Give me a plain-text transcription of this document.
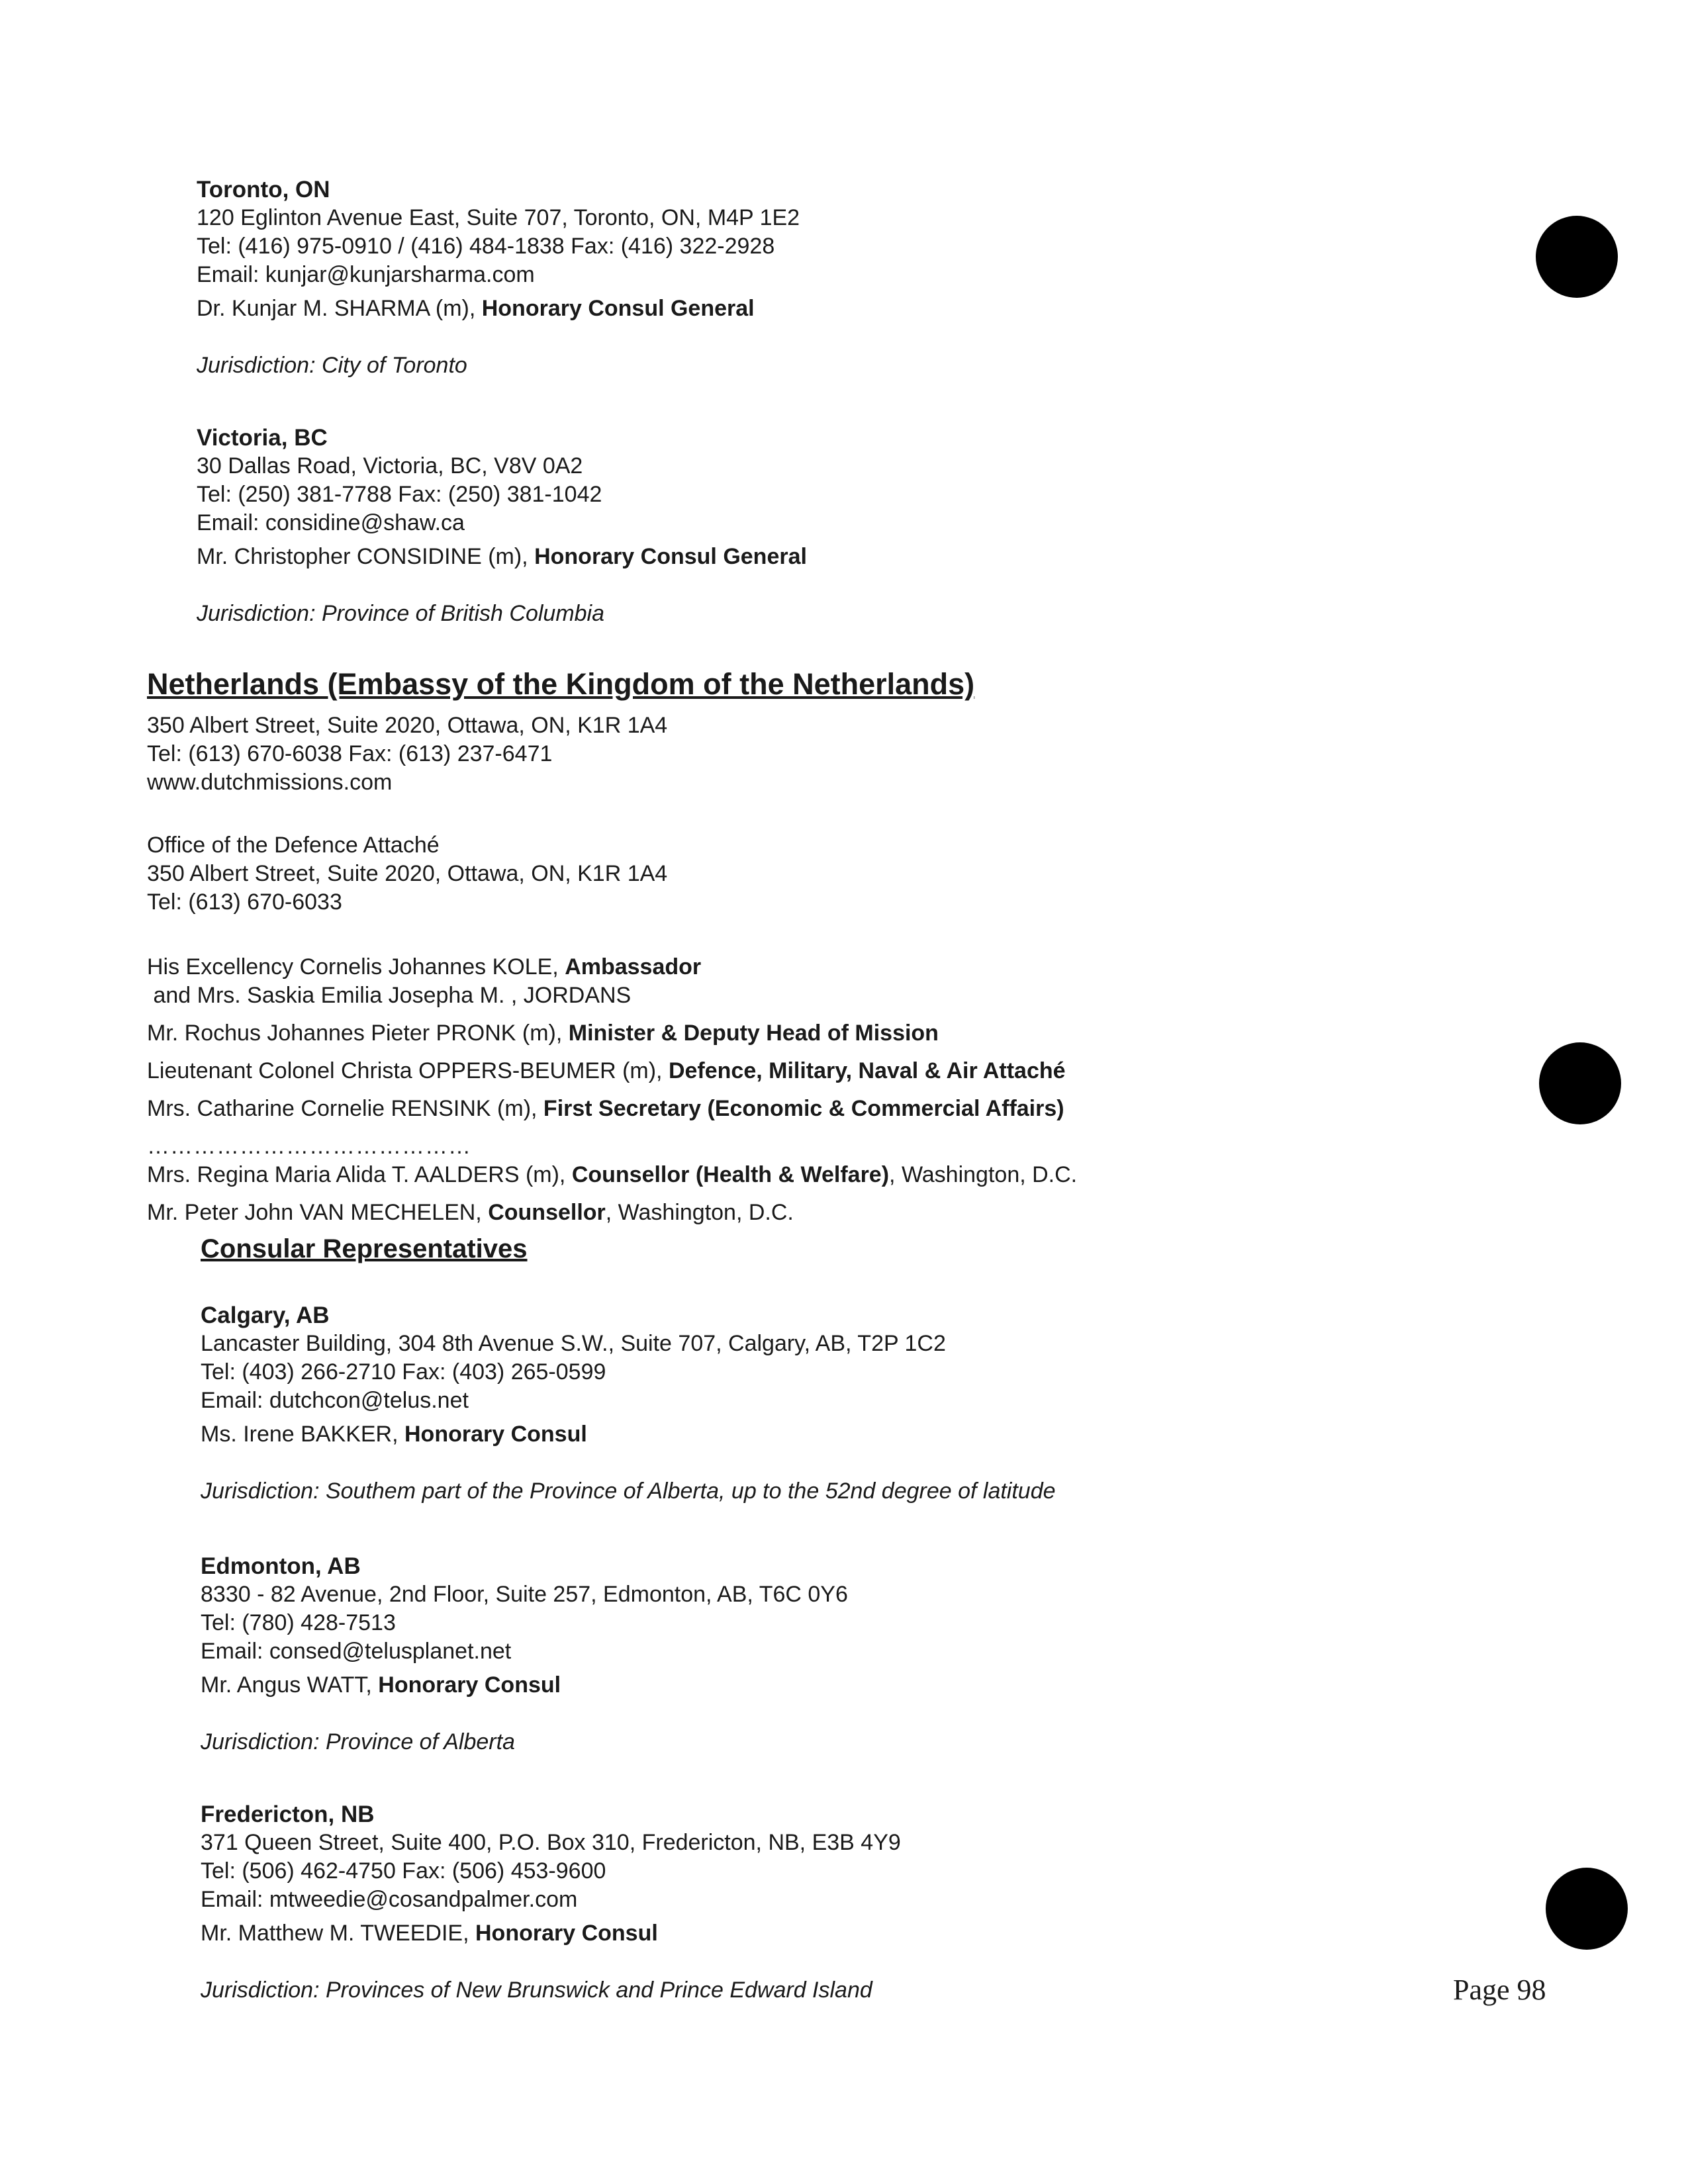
Toronto, ON
120 Eglinton Avenue East, Suite 707, Toronto, ON, M4P 1E2
Tel: (416) 975-0910 / (416) 484-1838 Fax: (416) 322-2928
Email: kunjar@kunjarsharma.com
Dr. Kunjar M. SHARMA (m), Honorary Consul General
Jurisdiction: City of Toronto
Victoria, BC
30 Dallas Road, Victoria, BC, V8V 0A2
Tel: (250) 381-7788 Fax: (250) 381-1042
Email: considine@shaw.ca
Mr. Christopher CONSIDINE (m), Honorary Consul General
Jurisdiction: Province of British Columbia
Netherlands (Embassy of the Kingdom of the Netherlands)
350 Albert Street, Suite 2020, Ottawa, ON, K1R 1A4
Tel: (613) 670-6038 Fax: (613) 237-6471
www.dutchmissions.com
Office of the Defence Attaché
350 Albert Street, Suite 2020, Ottawa, ON, K1R 1A4
Tel: (613) 670-6033
His Excellency Cornelis Johannes KOLE, Ambassador
and Mrs. Saskia Emilia Josepha M. , JORDANS
Mr. Rochus Johannes Pieter PRONK (m), Minister & Deputy Head of Mission
Lieutenant Colonel Christa OPPERS-BEUMER (m), Defence, Military, Naval & Air Attaché
Mrs. Catharine Cornelie RENSINK (m), First Secretary (Economic & Commercial Affairs)
……………………………………
Mrs. Regina Maria Alida T. AALDERS (m), Counsellor (Health & Welfare), Washington, D.C.
Mr. Peter John VAN MECHELEN, Counsellor, Washington, D.C.
Consular Representatives
Calgary, AB
Lancaster Building, 304 8th Avenue S.W., Suite 707, Calgary, AB, T2P 1C2
Tel: (403) 266-2710 Fax: (403) 265-0599
Email: dutchcon@telus.net
Ms. Irene BAKKER, Honorary Consul
Jurisdiction: Southem part of the Province of Alberta, up to the 52nd degree of latitude
Edmonton, AB
8330 - 82 Avenue, 2nd Floor, Suite 257, Edmonton, AB, T6C 0Y6
Tel: (780) 428-7513
Email: consed@telusplanet.net
Mr. Angus WATT, Honorary Consul
Jurisdiction: Province of Alberta
Fredericton, NB
371 Queen Street, Suite 400, P.O. Box 310, Fredericton, NB, E3B 4Y9
Tel: (506) 462-4750 Fax: (506) 453-9600
Email: mtweedie@cosandpalmer.com
Mr. Matthew M. TWEEDIE, Honorary Consul
Jurisdiction: Provinces of New Brunswick and Prince Edward Island	Page 98
